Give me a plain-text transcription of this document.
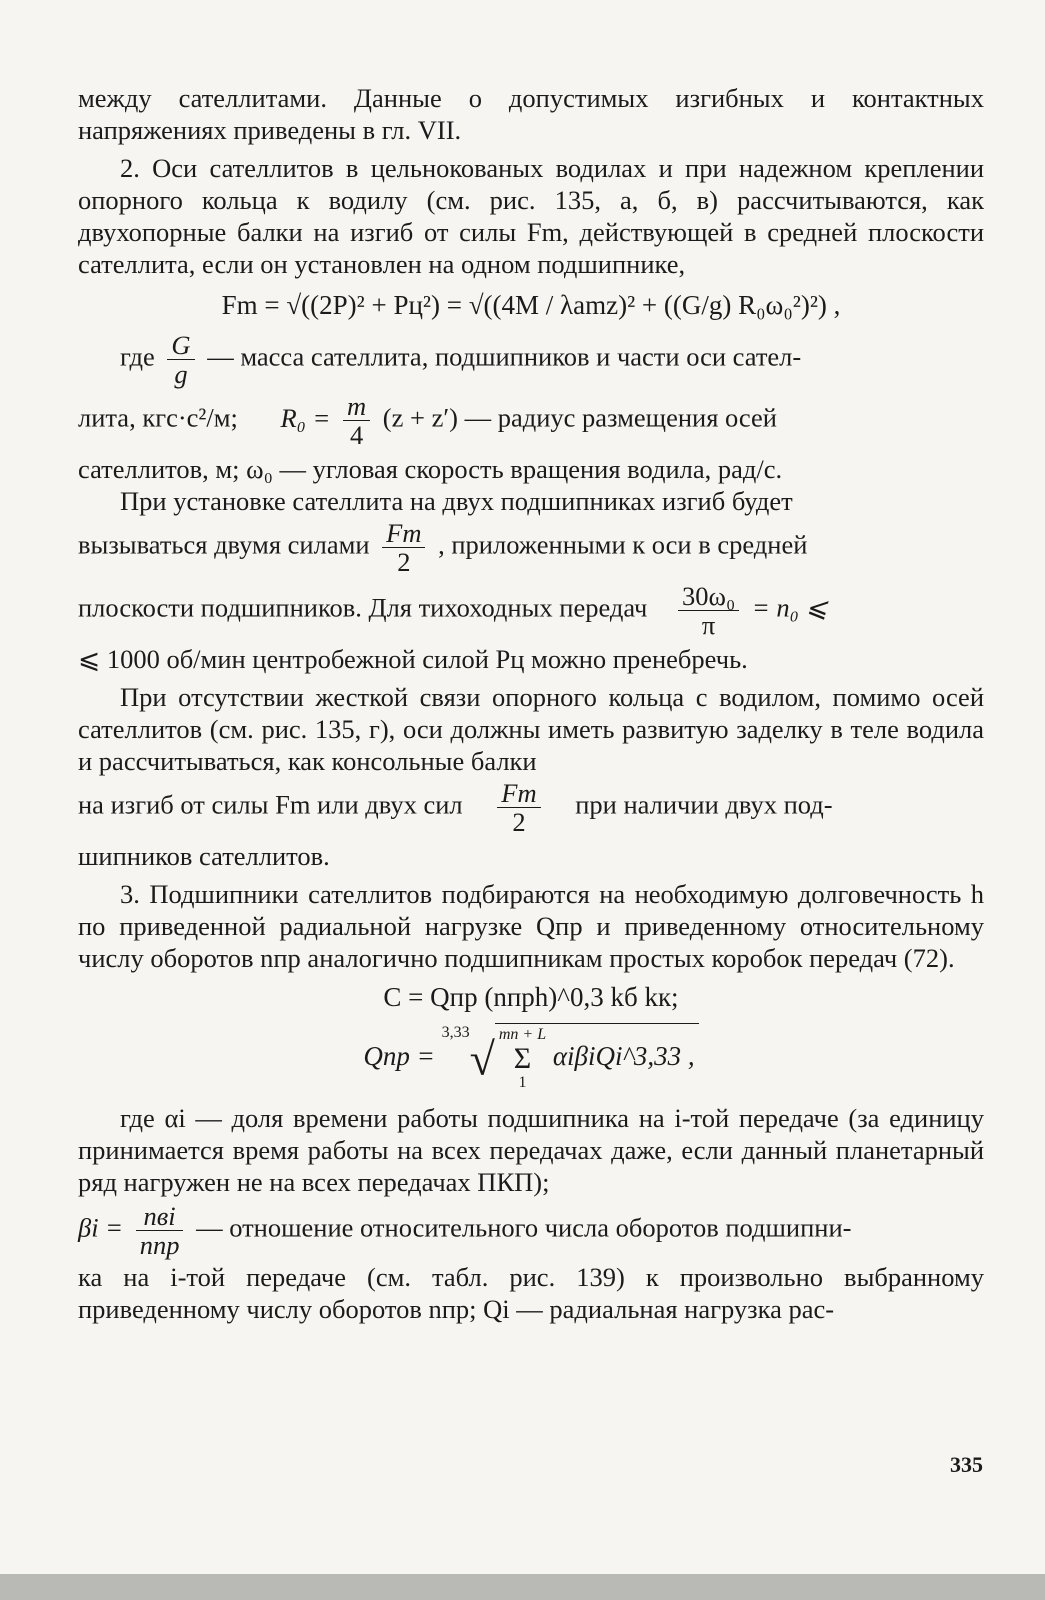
между сателлитами. Данные о допустимых изгибных и контактных напряжениях приведены в гл. VII.

2. Оси сателлитов в цельнокованых водилах и при надежном креплении опорного кольца к водилу (см. рис. 135, а, б, в) рассчитываются, как двухопорные балки на изгиб от силы Fm, действующей в средней плоскости сателлита, если он установлен на одном подшипнике,

Fm = √((2P)² + Pц²) = √((4M / λamz)² + ((G/g) R₀ω₀²)²) ,
где $\frac{G}{g}$ — масса сателлита, подшипников и части оси сател-
лита, кгс·с²/м; $R_0 = \frac{m}{4} (z + z')$ — радиус размещения осей

сателлитов, м; ω₀ — угловая скорость вращения водила, рад/с.

При установке сателлита на двух подшипниках изгиб будет

вызываться двумя силами $\frac{Fm}{2}$ , приложенными к оси в средней
плоскости подшипников. Для тихоходных передач $\frac{\text{30ω₀}}{\pi} = n_0$ ⩽

⩽ 1000 об/мин центробежной силой Pц можно пренебречь.

При отсутствии жесткой связи опорного кольца с водилом, помимо осей сателлитов (см. рис. 135, г), оси должны иметь развитую заделку в теле водила и рассчитываться, как консольные балки

на изгиб от силы Fm или двух сил $\frac{Fm}{2}$ при наличии двух под-

шипников сателлитов.

3. Подшипники сателлитов подбираются на необходимую долговечность h по приведенной радиальной нагрузке Qпр и приведенному относительному числу оборотов nпр аналогично подшипникам простых коробок передач (72).

C = Qпр (nпрh)^0,3 kб kк;
Qпр = $^{3,33}$√ mп + L
Σ
1
αiβiQi^3,33 ,

где αi — доля времени работы подшипника на i-той передаче (за единицу принимается время работы на всех передачах даже, если данный планетарный ряд нагружен не на всех передачах ПКП);

$\beta i = \frac{\text{nвi}}{\text{nпр}}$ — отношение относительного числа оборотов подшипни-

ка на i-той передаче (см. табл. рис. 139) к произвольно выбранному приведенному числу оборотов nпр; Qi — радиальная нагрузка рас-

335
